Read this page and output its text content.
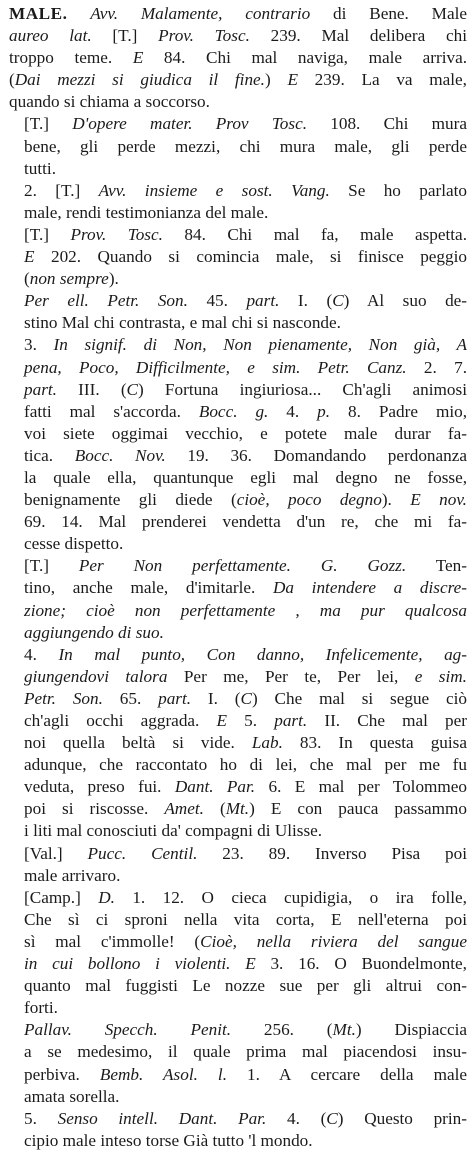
MALE. Avv. Malamente, contrario di Bene. Male
aureo lat. [T.] Prov. Tosc. 239. Mal delibera chi
troppo teme. E 84. Chi mal naviga, male arriva.
(Dai mezzi si giudica il fine.) E 239. La va male,
quando si chiama a soccorso.
[T.] D'opere mater. Prov Tosc. 108. Chi mura
bene, gli perde mezzi, chi mura male, gli perde
tutti.
2. [T.] Avv. insieme e sost. Vang. Se ho parlato
male, rendi testimonianza del male.
[T.] Prov. Tosc. 84. Chi mal fa, male aspetta.
E 202. Quando si comincia male, si finisce peggio
(non sempre).
Per ell. Petr. Son. 45. part. I. (C) Al suo de-
stino Mal chi contrasta, e mal chi si nasconde.
3. In signif. di Non, Non pienamente, Non già, A
pena, Poco, Difficilmente, e sim. Petr. Canz. 2. 7.
part. III. (C) Fortuna ingiuriosa... Ch'agli animosi
fatti mal s'accorda. Bocc. g. 4. p. 8. Padre mio,
voi siete oggimai vecchio, e potete male durar fa-
tica. Bocc. Nov. 19. 36. Domandando perdonanza
la quale ella, quantunque egli mal degno ne fosse,
benignamente gli diede (cioè, poco degno). E nov.
69. 14. Mal prenderei vendetta d'un re, che mi fa-
cesse dispetto.
[T.] Per Non perfettamente. G. Gozz. Ten-
tino, anche male, d'imitarle. Da intendere a discre-
zione; cioè non perfettamente , ma pur qualcosa
aggiungendo di suo.
4. In mal punto, Con danno, Infelicemente, ag-
giungendovi talora Per me, Per te, Per lei, e sim.
Petr. Son. 65. part. I. (C) Che mal si segue ciò
ch'agli occhi aggrada. E 5. part. II. Che mal per
noi quella beltà si vide. Lab. 83. In questa guisa
adunque, che raccontato ho di lei, che mal per me fu
veduta, preso fui. Dant. Par. 6. E mal per Tolommeo
poi si riscosse. Amet. (Mt.) E con pauca passammo
i liti mal conosciuti da' compagni di Ulisse.
[Val.] Pucc. Centil. 23. 89. Inverso Pisa poi
male arrivaro.
[Camp.] D. 1. 12. O cieca cupidigia, o ira folle,
Che sì ci sproni nella vita corta, E nell'eterna poi
sì mal c'immolle! (Cioè, nella riviera del sangue
in cui bollono i violenti. E 3. 16. O Buondelmonte,
quanto mal fuggisti Le nozze sue per gli altrui con-
forti.
Pallav. Specch. Penit. 256. (Mt.) Dispiaccia
a se medesimo, il quale prima mal piacendosi insu-
perbiva. Bemb. Asol. l. 1. A cercare della male
amata sorella.
5. Senso intell. Dant. Par. 4. (C) Questo prin-
cipio male inteso torse Già tutto 'l mondo.
